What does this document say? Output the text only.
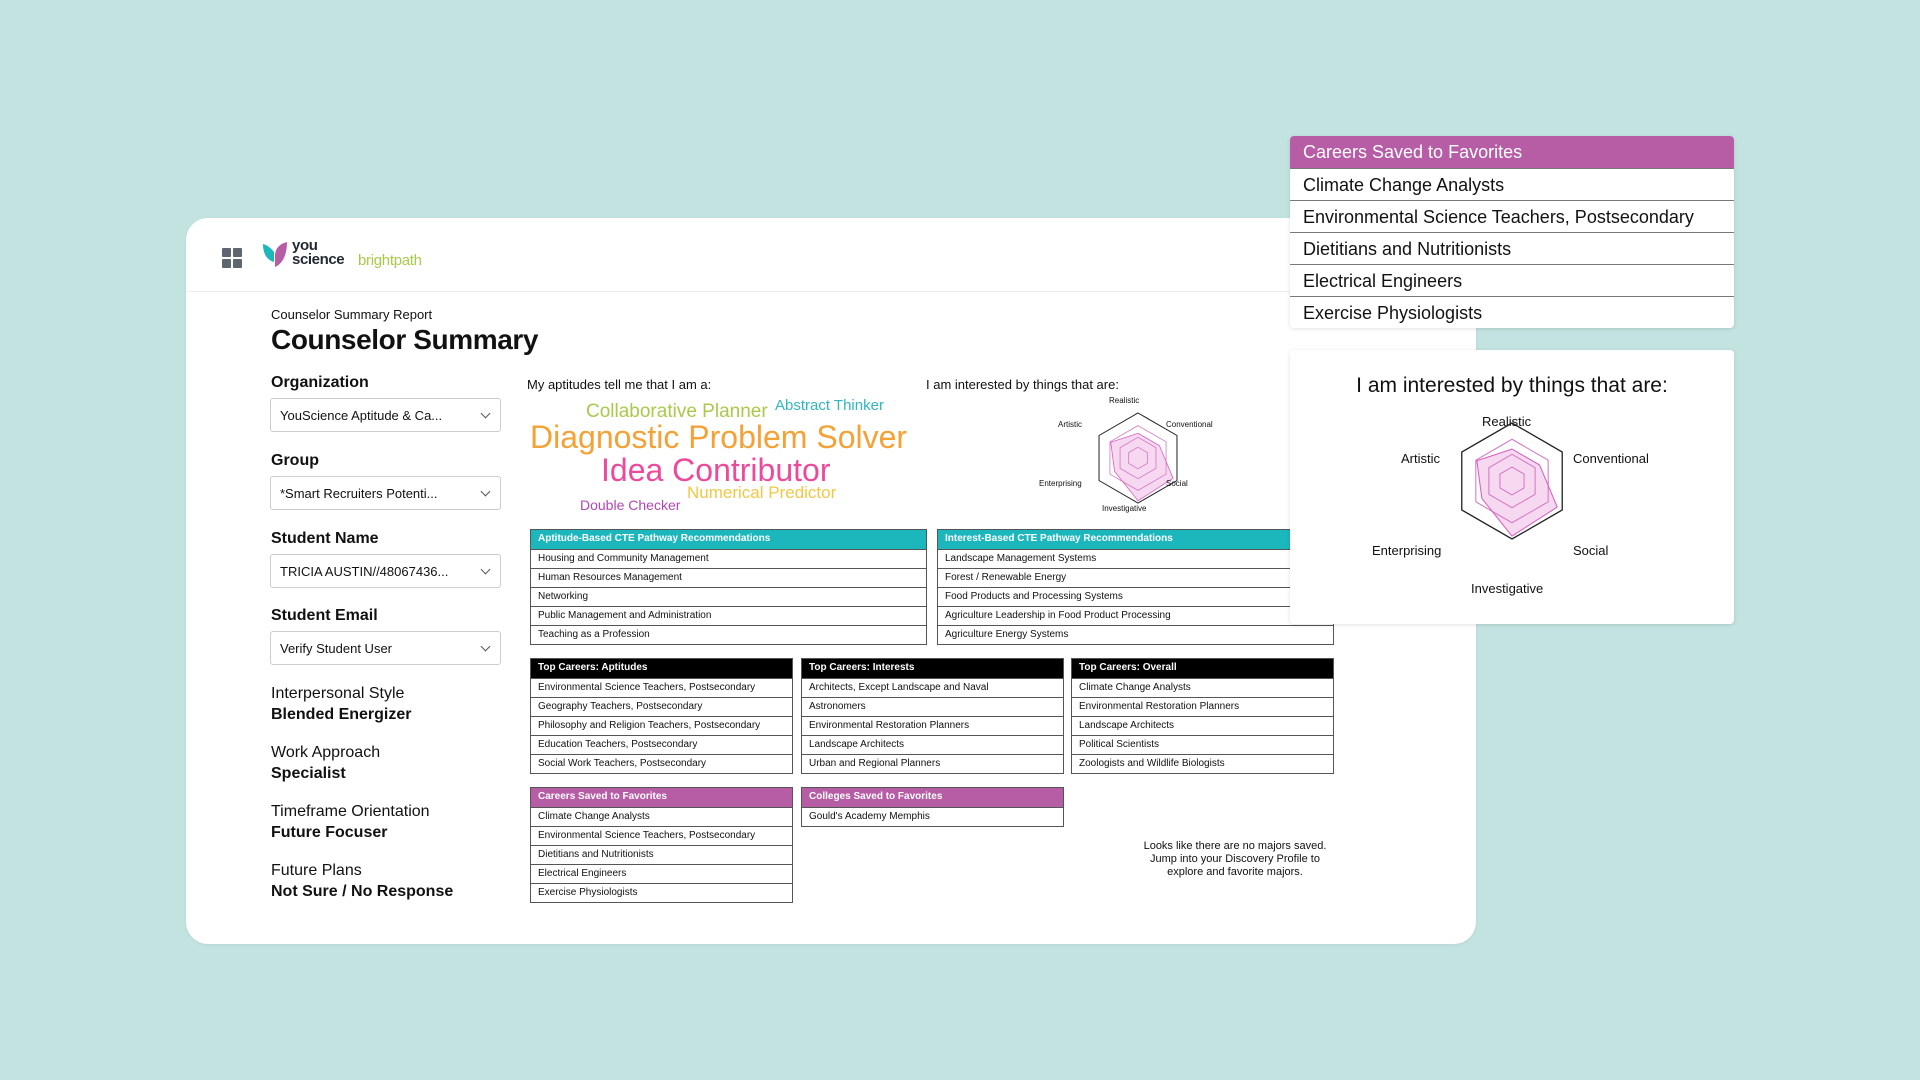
you
science brightpath
Counselor Summary Report
Counselor Summary
Organization
YouScience Aptitude & Ca...
Group
*Smart Recruiters Potenti...
Student Name
TRICIA AUSTIN//48067436...
Student Email
Verify Student User
Interpersonal Style
Blended Energizer
Work Approach
Specialist
Timeframe Orientation
Future Focuser
Future Plans
Not Sure / No Response
My aptitudes tell me that I am a:
Collaborative Planner Abstract Thinker
Diagnostic Problem Solver
Idea Contributor
Numerical Predictor
Double Checker
I am interested by things that are:
Realistic
Conventional
Social
Investigative
Enterprising
Artistic
Aptitude-Based CTE Pathway Recommendations
Housing and Community Management
Human Resources Management
Networking
Public Management and Administration
Teaching as a Profession
Interest-Based CTE Pathway Recommendations
Landscape Management Systems
Forest / Renewable Energy
Food Products and Processing Systems
Agriculture Leadership in Food Product Processing
Agriculture Energy Systems
Top Careers: Aptitudes
Environmental Science Teachers, Postsecondary
Geography Teachers, Postsecondary
Philosophy and Religion Teachers, Postsecondary
Education Teachers, Postsecondary
Social Work Teachers, Postsecondary
Top Careers: Interests
Architects, Except Landscape and Naval
Astronomers
Environmental Restoration Planners
Landscape Architects
Urban and Regional Planners
Top Careers: Overall
Climate Change Analysts
Environmental Restoration Planners
Landscape Architects
Political Scientists
Zoologists and Wildlife Biologists
Careers Saved to Favorites
Climate Change Analysts
Environmental Science Teachers, Postsecondary
Dietitians and Nutritionists
Electrical Engineers
Exercise Physiologists
Colleges Saved to Favorites
Gould's Academy Memphis
Looks like there are no majors saved.
Jump into your Discovery Profile to
explore and favorite majors.
Careers Saved to Favorites
Climate Change Analysts
Environmental Science Teachers, Postsecondary
Dietitians and Nutritionists
Electrical Engineers
Exercise Physiologists
I am interested by things that are:
Realistic
Conventional
Social
Investigative
Enterprising
Artistic
